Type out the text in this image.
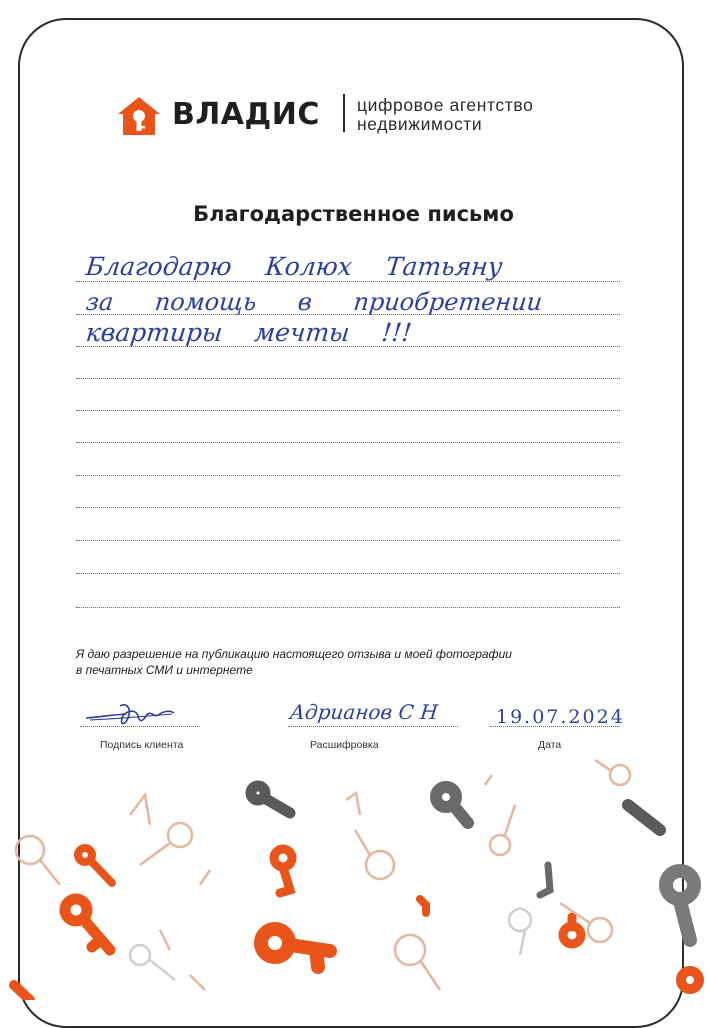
ВЛАДИС цифровое агентство
недвижимости
Благодарственное письмо
Благодарю Колюх Татьяну
за помощь в приобретении
квартиры мечты !!!
Я даю разрешение на публикацию настоящего отзыва и моей фотографии
в печатных СМИ и интернете
Подпись клиента
Адрианов С Н
Расшифровка
19.07.2024
Дата
